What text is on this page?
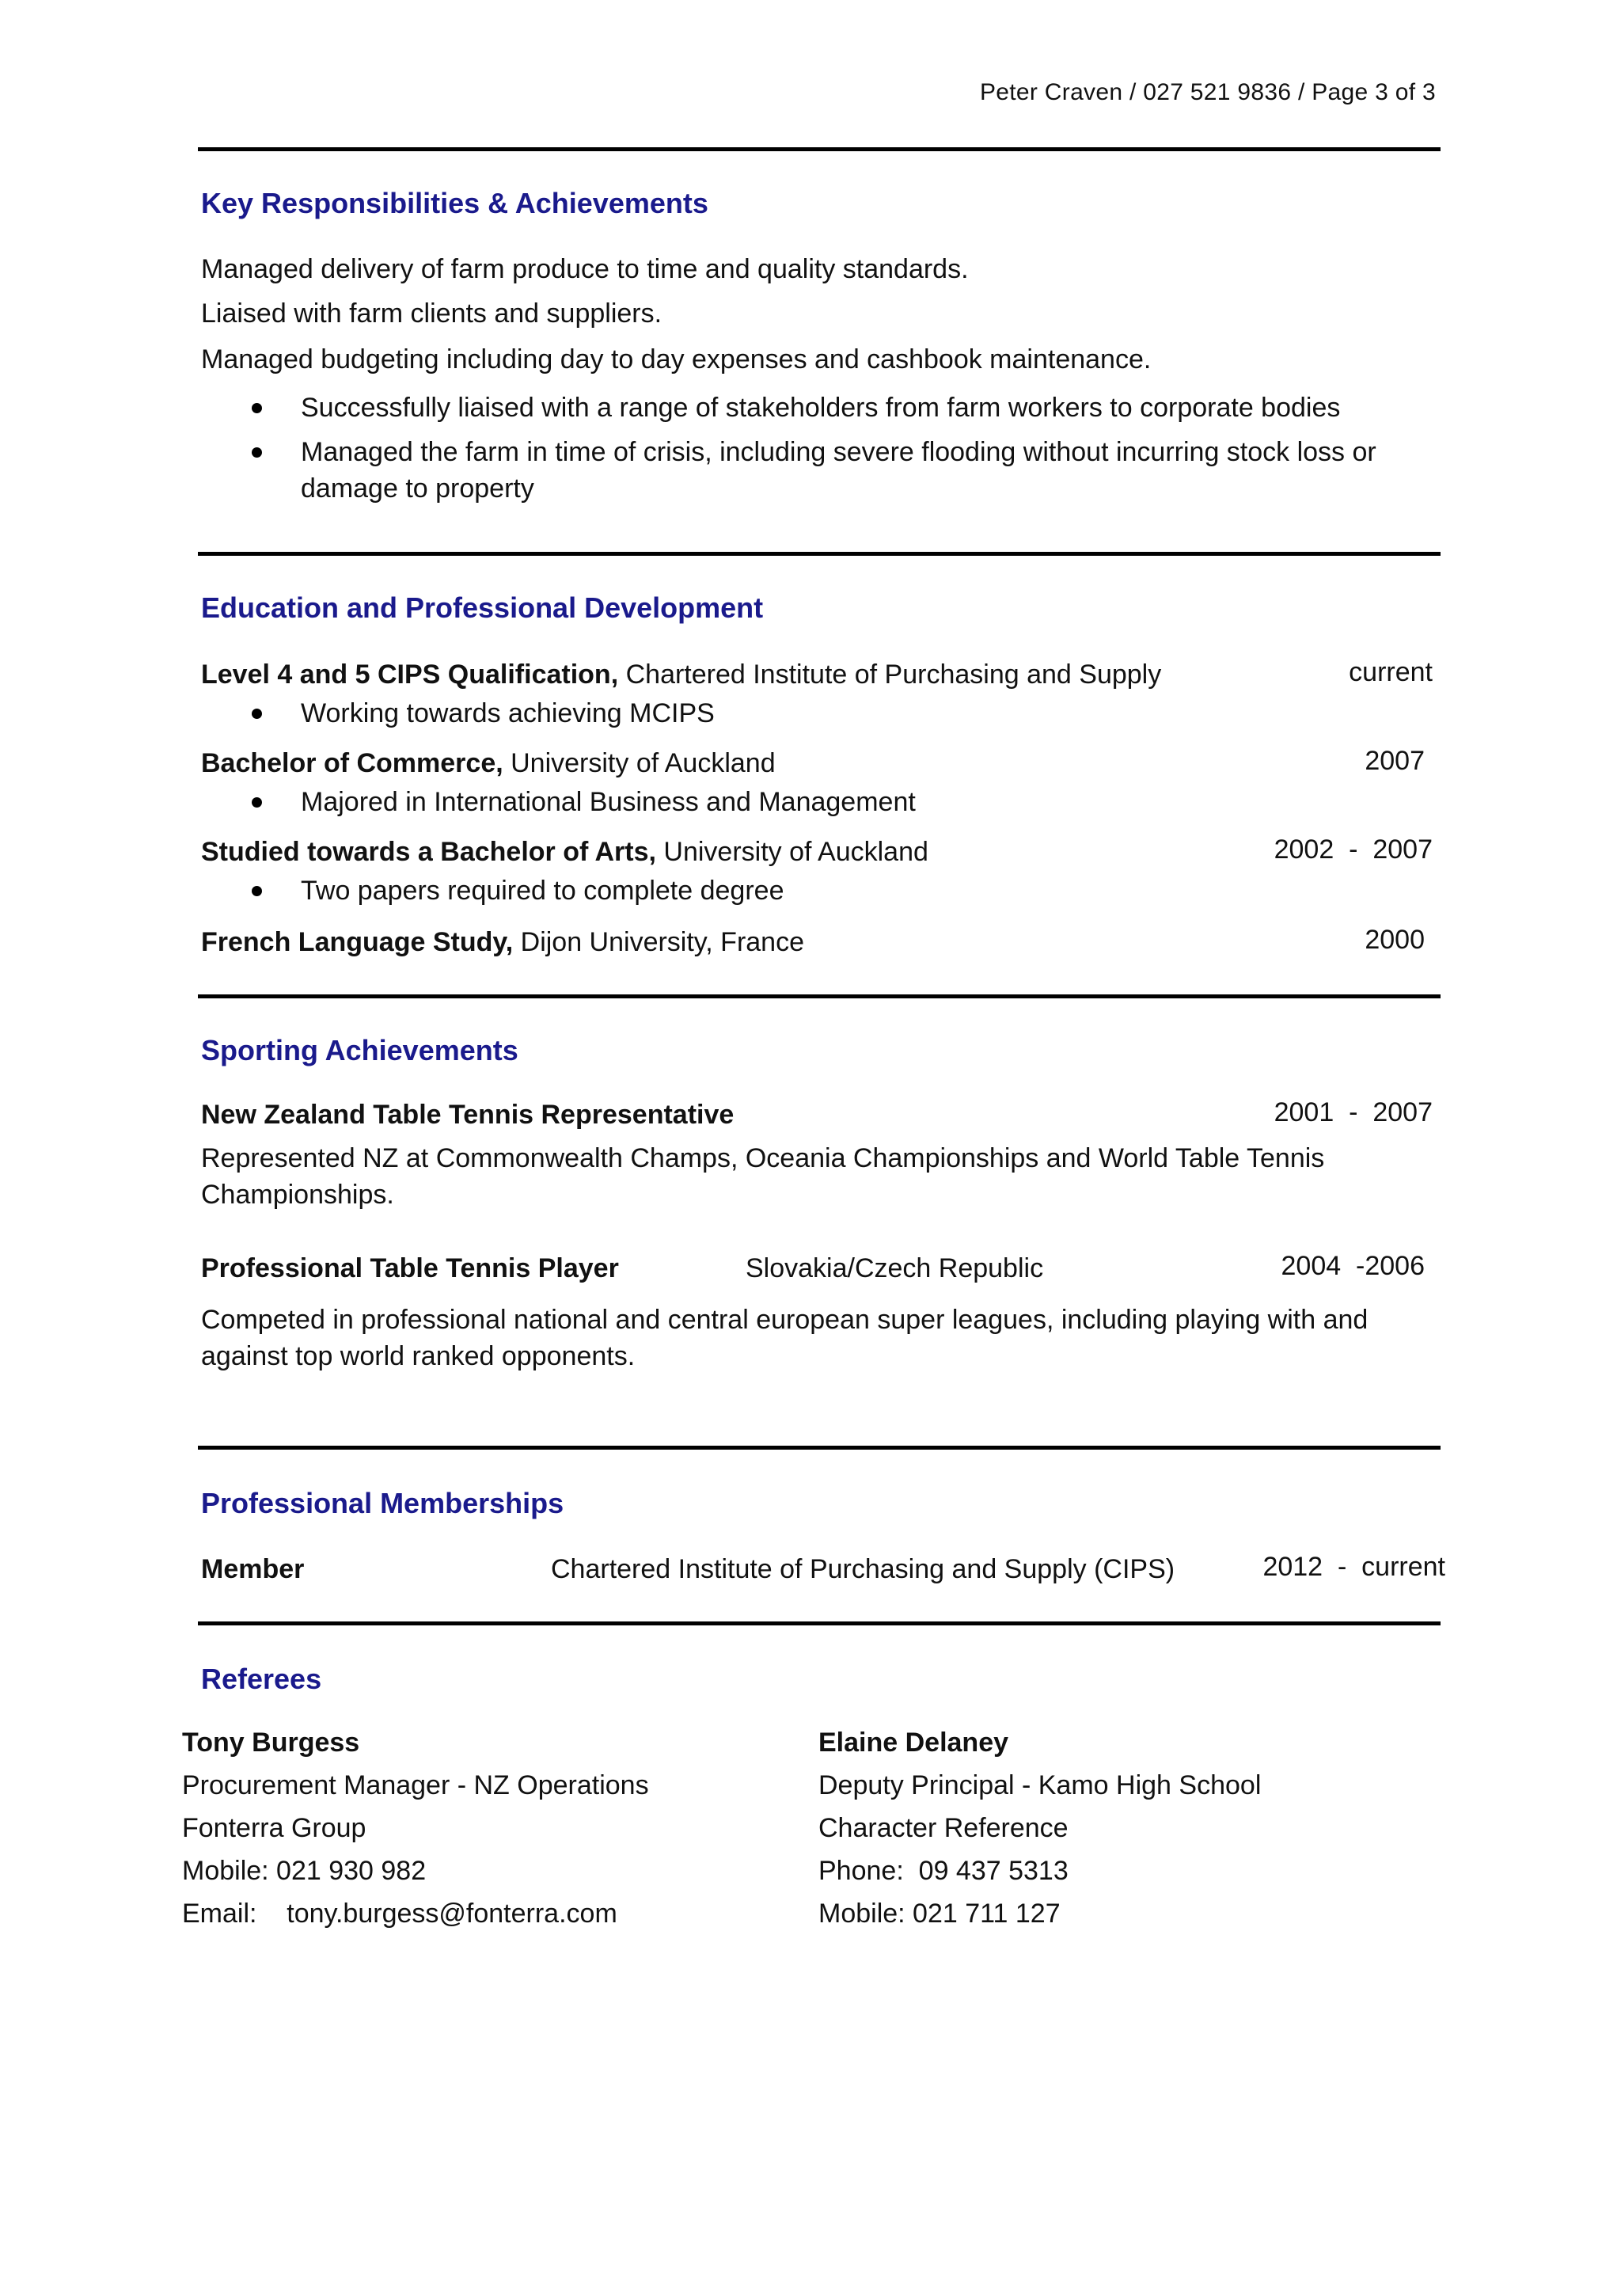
Peter Craven / 027 521 9836 / Page 3 of 3
Key Responsibilities & Achievements
Managed delivery of farm produce to time and quality standards.
Liaised with farm clients and suppliers.
Managed budgeting including day to day expenses and cashbook maintenance.
Successfully liaised with a range of stakeholders from farm workers to corporate bodies
Managed the farm in time of crisis, including severe flooding without incurring stock loss or damage to property
Education and Professional Development
Level 4 and 5 CIPS Qualification, Chartered Institute of Purchasing and Supply	current
Working towards achieving MCIPS
Bachelor of Commerce, University of Auckland	2007
Majored in International Business and Management
Studied towards a Bachelor of Arts, University of Auckland	2002  -  2007
Two papers required to complete degree
French Language Study, Dijon University, France	2000
Sporting Achievements
New Zealand Table Tennis Representative	2001  -  2007
Represented NZ at Commonwealth Champs, Oceania Championships and World Table Tennis Championships.
Professional Table Tennis Player	Slovakia/Czech Republic	2004  -2006
Competed in professional national and central european super leagues, including playing with and against top world ranked opponents.
Professional Memberships
Member	Chartered Institute of Purchasing and Supply (CIPS)	2012  -  current
Referees
Tony Burgess
Procurement Manager - NZ Operations
Fonterra Group
Mobile: 021 930 982
Email:    tony.burgess@fonterra.com
Elaine Delaney
Deputy Principal - Kamo High School
Character Reference
Phone:  09 437 5313
Mobile: 021 711 127
